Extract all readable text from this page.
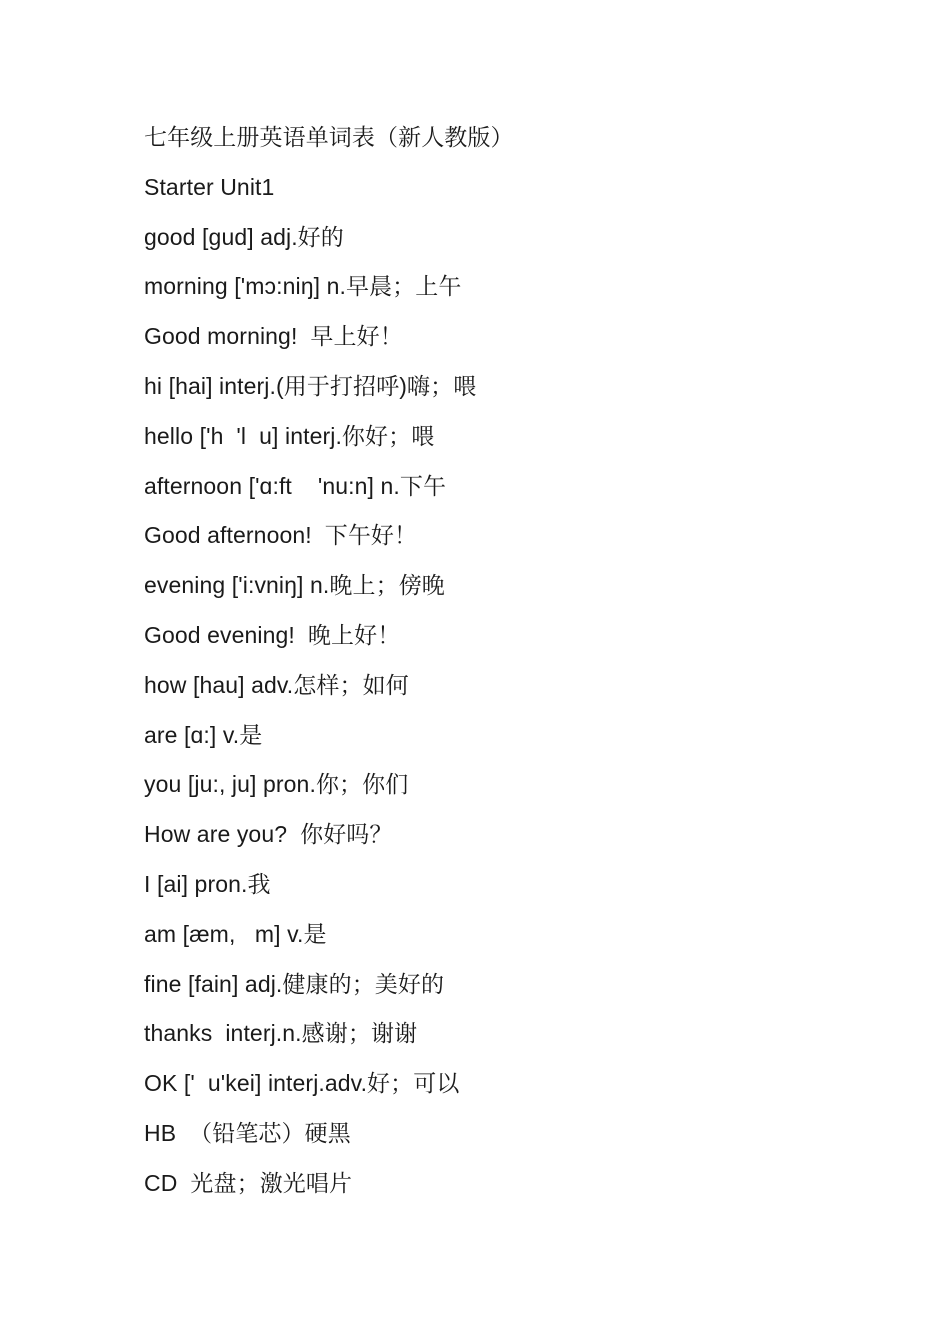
七年级上册英语单词表（新人教版）
Starter Unit1
good [gud] adj.好的
morning ['mɔ:niŋ] n.早晨；上午
Good morning!  早上好！
hi [hai] interj.(用于打招呼)嗨；喂
hello ['h  'l  u] interj.你好；喂
afternoon ['ɑ:ft    'nu:n] n.下午
Good afternoon!  下午好！
evening ['i:vniŋ] n.晚上；傍晚
Good evening!  晚上好！
how [hau] adv.怎样；如何
are [ɑ:] v.是
you [ju:, ju] pron.你；你们
How are you?  你好吗？
I [ai] pron.我
am [æm,   m] v.是
fine [fain] adj.健康的；美好的
thanks  interj.n.感谢；谢谢
OK ['  u'kei] interj.adv.好；可以
HB  （铅笔芯）硬黑
CD  光盘；激光唱片
